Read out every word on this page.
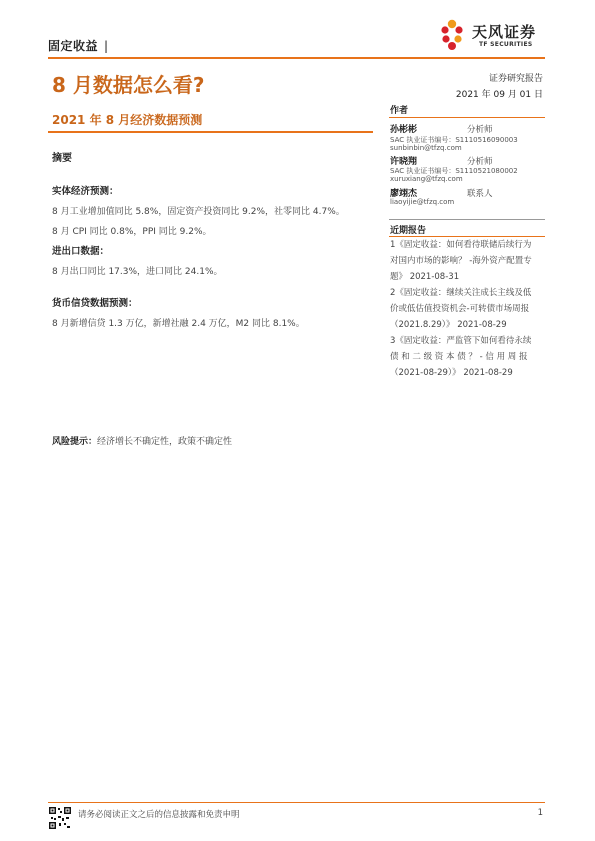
固定收益 |
天风证券
TF SECURITIES
8 月数据怎么看?	证券研究报告
2021 年 09 月 01 日
2021 年 8 月经济数据预测
摘要
实体经济预测：
8 月工业增加值同比 5.8%，固定资产投资同比 9.2%，社零同比 4.7%。
8 月 CPI 同比 0.8%，PPI 同比 9.2%。
进出口数据：
8 月出口同比 17.3%，进口同比 24.1%。
货币信贷数据预测：
8 月新增信贷 1.3 万亿，新增社融 2.4 万亿，M2 同比 8.1%。
风险提示：经济增长不确定性，政策不确定性
作者
孙彬彬	分析师
SAC 执业证书编号：S1110516090003
sunbinbin@tfzq.com
许晓翔	分析师
SAC 执业证书编号：S1110521080002
xuruxiang@tfzq.com
廖翊杰	联系人
liaoyijie@tfzq.com
近期报告
1《固定收益：如何看待联储后续行为
对国内市场的影响？ -海外资产配置专
题》 2021-08-31
2《固定收益：继续关注成长主线及低
价或低估值投资机会-可转债市场周报
（2021.8.29）》 2021-08-29
3《固定收益：严监管下如何看待永续
债 和 二 级 资 本 债 ？ - 信 用 周 报
（2021-08-29）》 2021-08-29
请务必阅读正文之后的信息披露和免责申明	1
